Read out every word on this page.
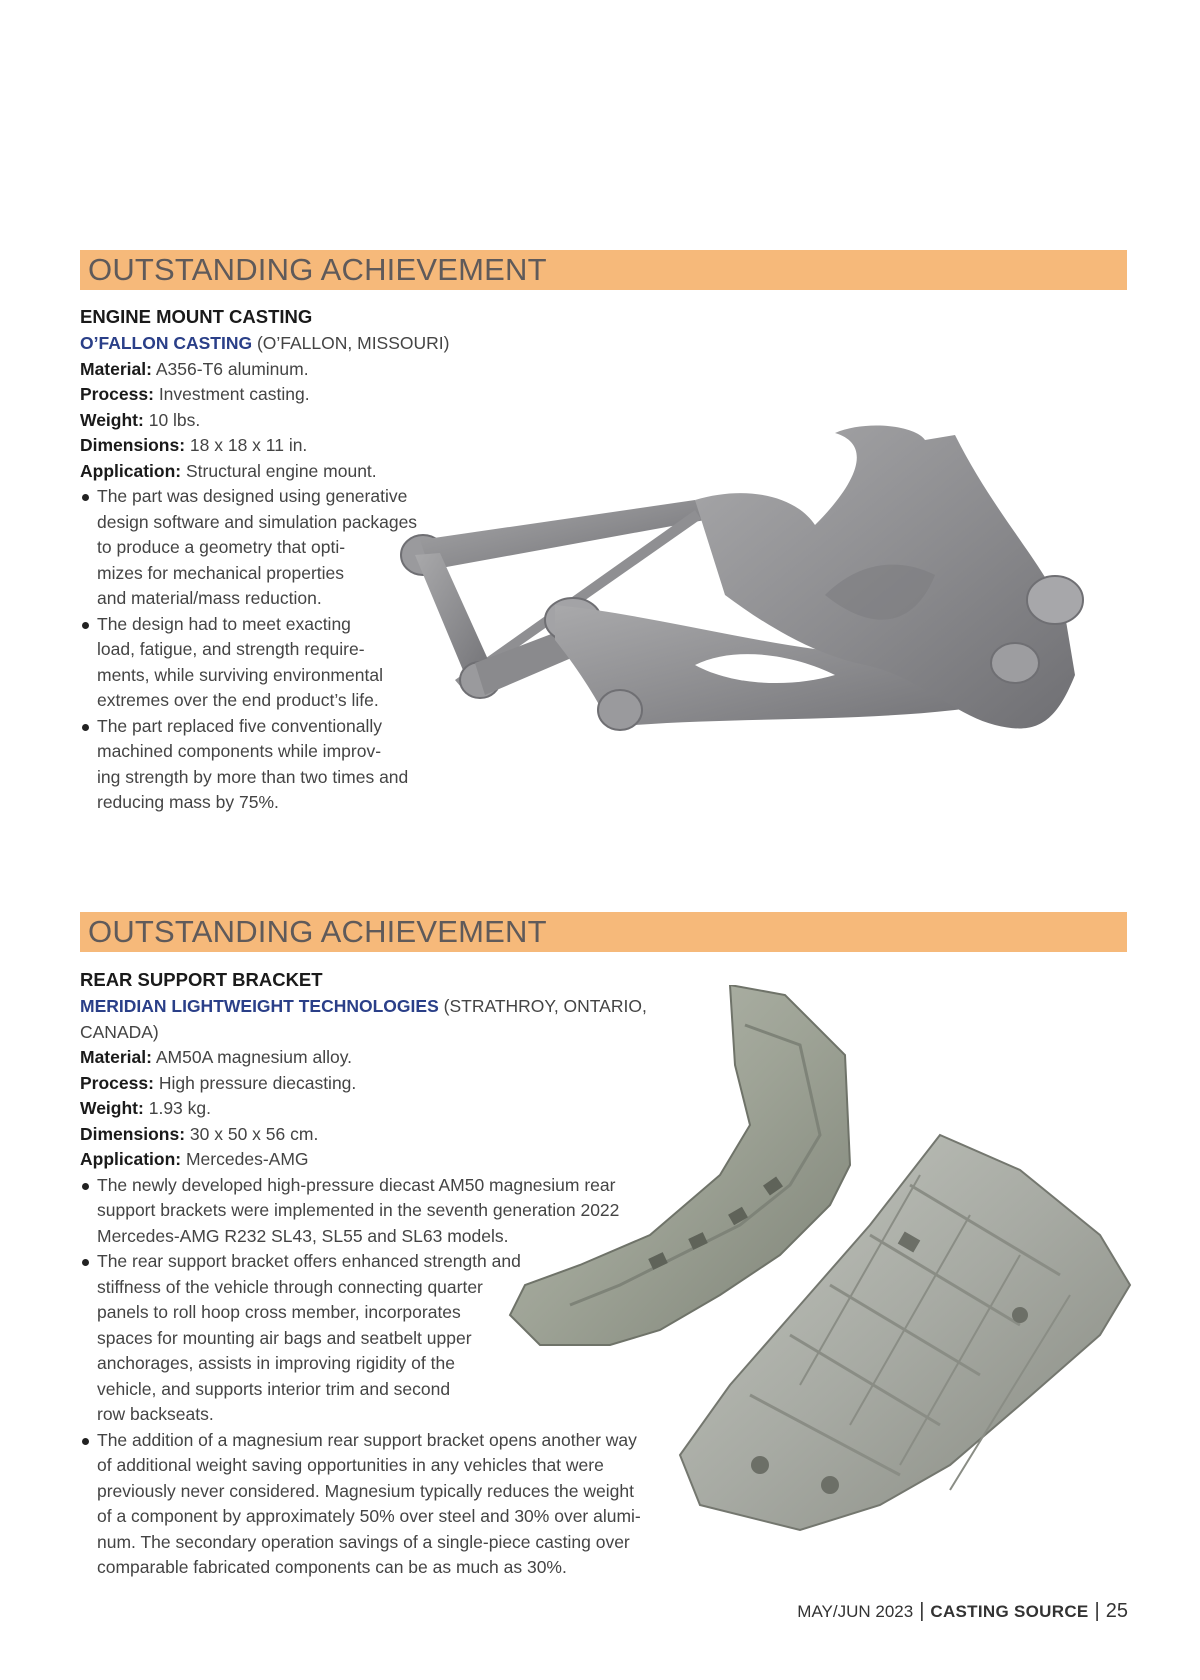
OUTSTANDING ACHIEVEMENT
ENGINE MOUNT CASTING
O’FALLON CASTING (O’FALLON, MISSOURI)
Material: A356-T6 aluminum.
Process: Investment casting.
Weight: 10 lbs.
Dimensions: 18 x 18 x 11 in.
Application: Structural engine mount.
The part was designed using generative
design software and simulation packages
to produce a geometry that opti-
mizes for mechanical properties
and material/mass reduction.
The design had to meet exacting
load, fatigue, and strength require-
ments, while surviving environmental
extremes over the end product’s life.
The part replaced five conventionally
machined components while improv-
ing strength by more than two times and
reducing mass by 75%.
OUTSTANDING ACHIEVEMENT
REAR SUPPORT BRACKET
MERIDIAN LIGHTWEIGHT TECHNOLOGIES (STRATHROY, ONTARIO, CANADA)
Material: AM50A magnesium alloy.
Process: High pressure diecasting.
Weight: 1.93 kg.
Dimensions: 30 x 50 x 56 cm.
Application: Mercedes-AMG
The newly developed high-pressure diecast AM50 magnesium rear
support brackets were implemented in the seventh generation 2022
Mercedes-AMG R232 SL43, SL55 and SL63 models.
The rear support bracket offers enhanced strength and
stiffness of the vehicle through connecting quarter
panels to roll hoop cross member, incorporates
spaces for mounting air bags and seatbelt upper
anchorages, assists in improving rigidity of the
vehicle, and supports interior trim and second
row backseats.
The addition of a magnesium rear support bracket opens another way
of additional weight saving opportunities in any vehicles that were
previously never considered. Magnesium typically reduces the weight
of a component by approximately 50% over steel and 30% over alumi-
num. The secondary operation savings of a single-piece casting over
comparable fabricated components can be as much as 30%.
MAY/JUN 2023 | CASTING SOURCE | 25
